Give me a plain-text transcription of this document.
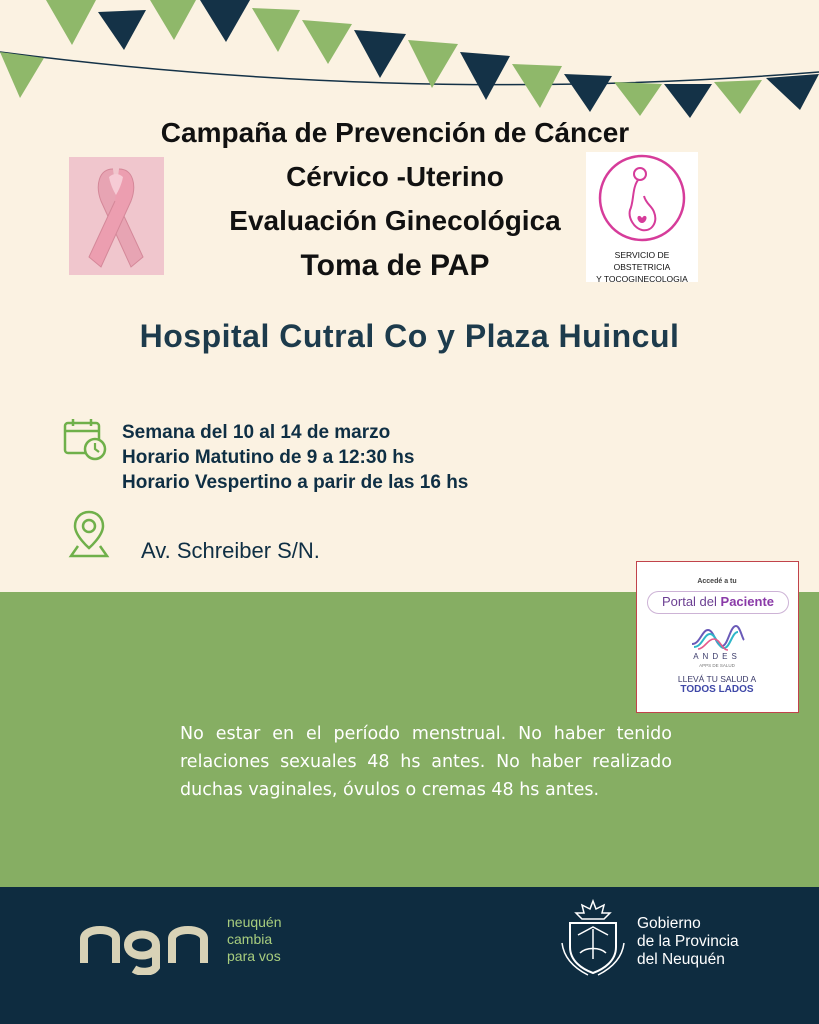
Campaña de Prevención de Cáncer
Cérvico -Uterino
Evaluación Ginecológica
Toma de PAP	SERVICIO DE OBSTETRICIA
Y TOCOGINECOLOGIA
Hospital Cutral Co y Plaza Huincul
Semana del 10 al 14 de marzo
Horario Matutino de 9 a 12:30 hs
Horario Vespertino a parir de las 16 hs
Av. Schreiber S/N.

No estar en el período menstrual. No haber tenido relaciones sexuales 48 hs antes. No haber realizado duchas vaginales, óvulos o cremas 48 hs antes.
Accedé a tu
Portal del Paciente
ANDES
APPS DE SALUD
LLEVÁ TU SALUD A
TODOS LADOS
neuquén
cambia
para vos
Gobierno
de la Provincia
del Neuquén
